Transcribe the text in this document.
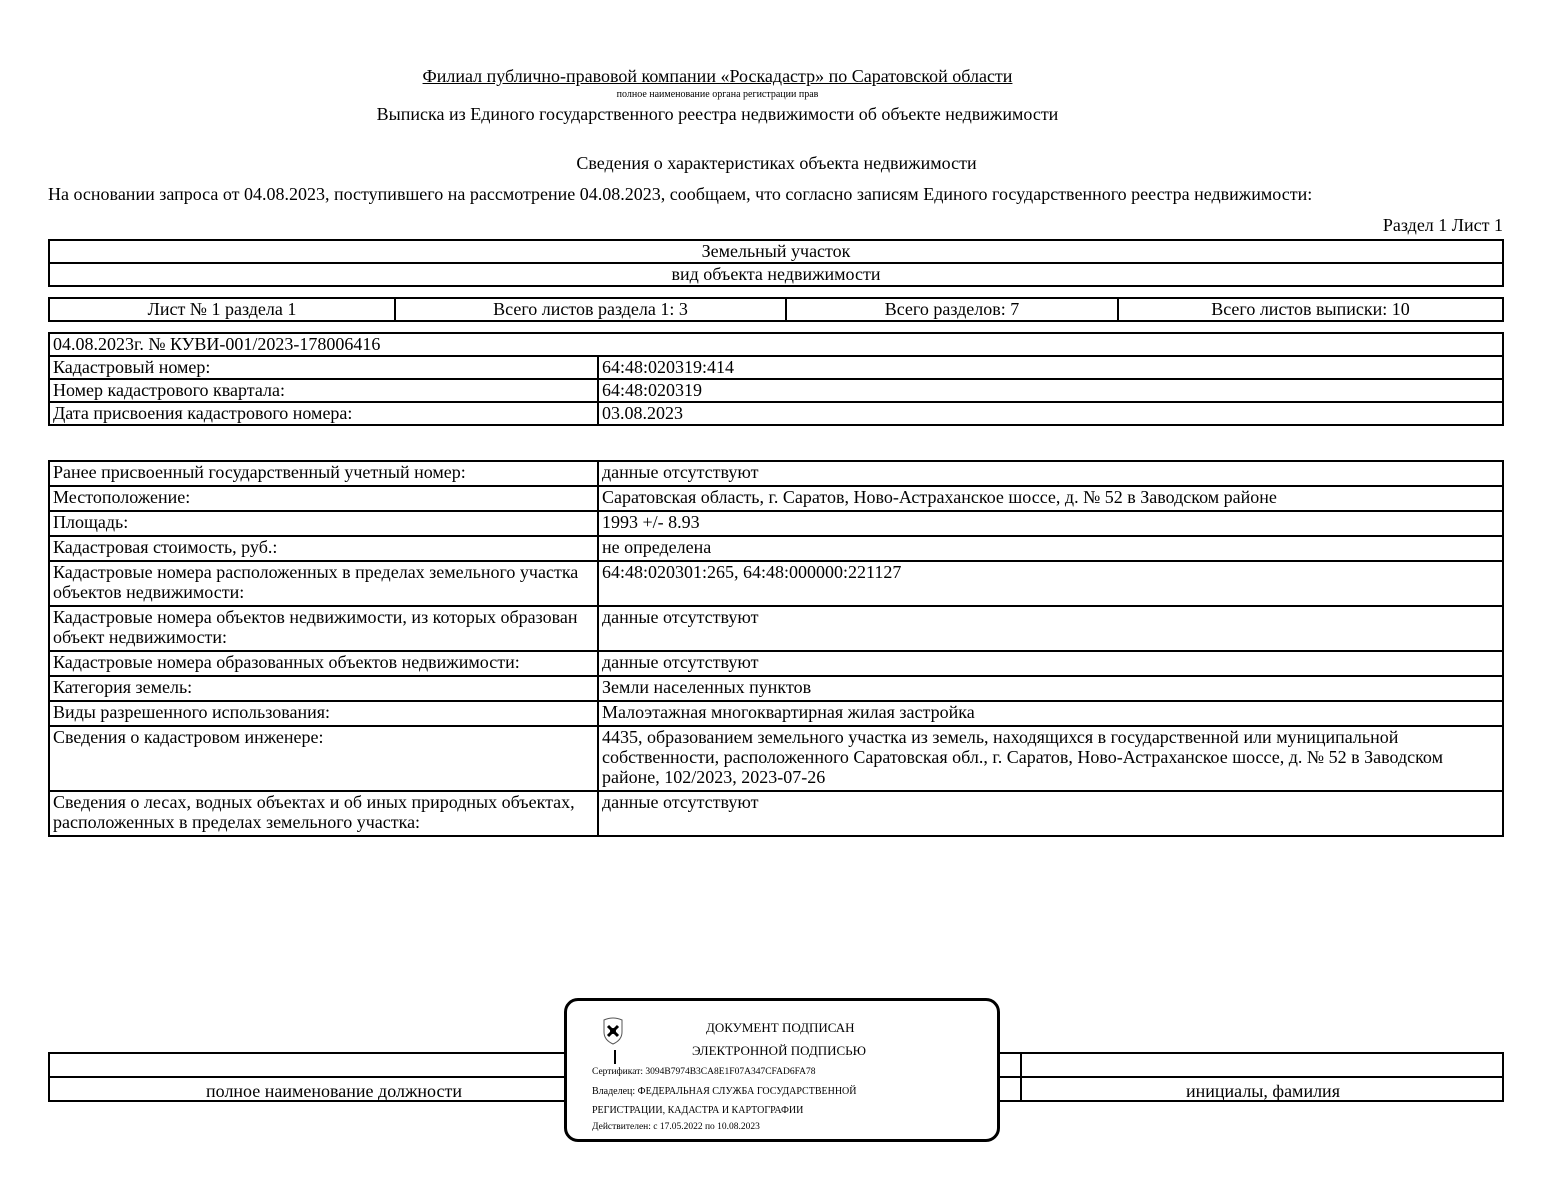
Филиал публично-правовой компании «Роскадастр» по Саратовской области
полное наименование органа регистрации прав
Выписка из Единого государственного реестра недвижимости об объекте недвижимости
Сведения о характеристиках объекта недвижимости
На основании запроса от 04.08.2023, поступившего на рассмотрение 04.08.2023, сообщаем, что согласно записям Единого государственного реестра недвижимости:
Раздел 1 Лист 1
Земельный участок
вид объекта недвижимости
Лист № 1 раздела 1	Всего листов раздела 1: 3	Всего разделов: 7	Всего листов выписки: 10
04.08.2023г. № КУВИ-001/2023-178006416	
Кадастровый номер:	64:48:020319:414
Номер кадастрового квартала:	64:48:020319
Дата присвоения кадастрового номера:	03.08.2023
Ранее присвоенный государственный учетный номер:	данные отсутствуют
Местоположение:	Саратовская область, г. Саратов, Ново-Астраханское шоссе, д. № 52 в Заводском районе
Площадь:	1993 +/- 8.93
Кадастровая стоимость, руб.:	не определена
Кадастровые номера расположенных в пределах земельного участка объектов недвижимости:	64:48:020301:265, 64:48:000000:221127
Кадастровые номера объектов недвижимости, из которых образован объект недвижимости:	данные отсутствуют
Кадастровые номера образованных объектов недвижимости:	данные отсутствуют
Категория земель:	Земли населенных пунктов
Виды разрешенного использования:	Малоэтажная многоквартирная жилая застройка
Сведения о кадастровом инженере:	4435, образованием земельного участка из земель, находящихся в государственной или муниципальной собственности, расположенного Саратовская обл., г. Саратов, Ново-Астраханское шоссе, д. № 52 в Заводском районе, 102/2023, 2023-07-26
Сведения о лесах, водных объектах и об иных природных объектах, расположенных в пределах земельного участка:	данные отсутствуют
полное наименование должности	инициалы, фамилия
ДОКУМЕНТ ПОДПИСАН
ЭЛЕКТРОННОЙ ПОДПИСЬЮ
Сертификат: 3094B7974B3CA8E1F07A347CFAD6FA78
Владелец: ФЕДЕРАЛЬНАЯ СЛУЖБА ГОСУДАРСТВЕННОЙ
РЕГИСТРАЦИИ, КАДАСТРА И КАРТОГРАФИИ
Действителен: с 17.05.2022 по 10.08.2023
